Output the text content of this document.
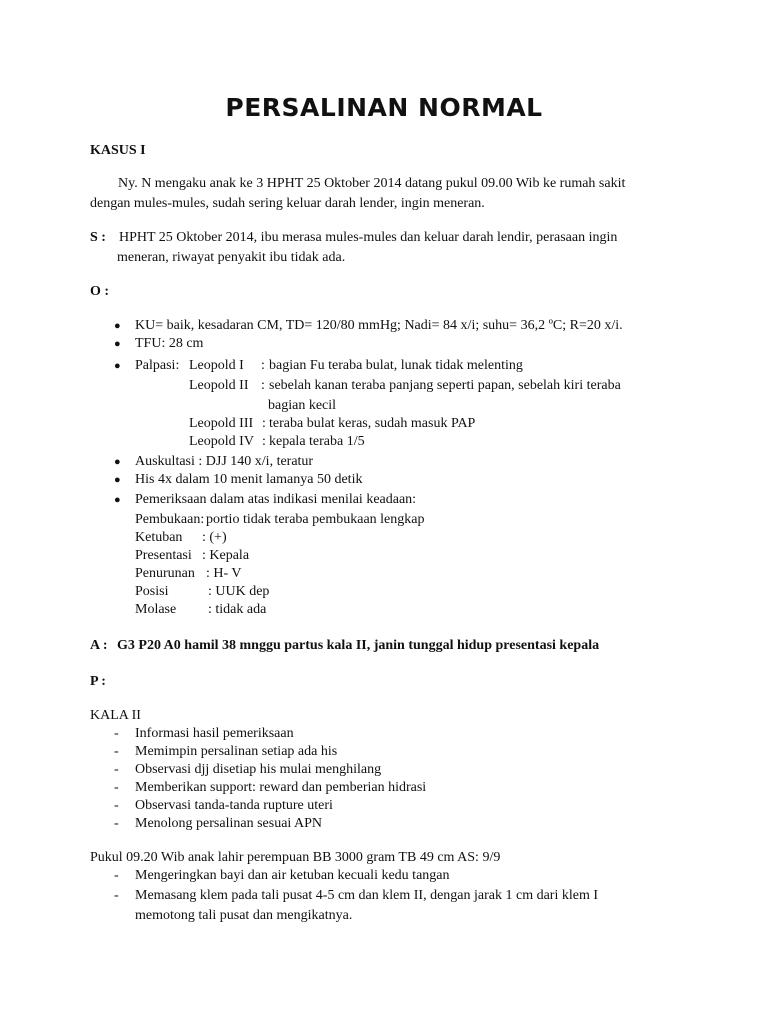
PERSALINAN NORMAL
KASUS I
Ny. N mengaku anak ke 3 HPHT 25 Oktober 2014 datang pukul 09.00 Wib ke rumah sakit
dengan mules-mules, sudah sering keluar darah lender, ingin meneran.
S : HPHT 25 Oktober 2014, ibu merasa mules-mules dan keluar darah lendir, perasaan ingin
meneran, riwayat penyakit ibu tidak ada.
O :
● KU= baik, kesadaran CM, TD= 120/80 mmHg; Nadi= 84 x/i; suhu= 36,2 ºC; R=20 x/i.
● TFU: 28 cm
● Palpasi: Leopold I : bagian Fu teraba bulat, lunak tidak melenting
Leopold II : sebelah kanan teraba panjang seperti papan, sebelah kiri teraba
bagian kecil
Leopold III : teraba bulat keras, sudah masuk PAP
Leopold IV : kepala teraba 1/5
● Auskultasi : DJJ 140 x/i, teratur
● His 4x dalam 10 menit lamanya 50 detik
● Pemeriksaan dalam atas indikasi menilai keadaan:
Pembukaan: portio tidak teraba pembukaan lengkap
Ketuban : (+)
Presentasi : Kepala
Penurunan : H- V
Posisi	: UUK dep
Molase : tidak ada
A : G3 P20 A0 hamil 38 mnggu partus kala II, janin tunggal hidup presentasi kepala
P :
KALA II
- Informasi hasil pemeriksaan
- Memimpin persalinan setiap ada his
- Observasi djj disetiap his mulai menghilang
- Memberikan support: reward dan pemberian hidrasi
- Observasi tanda-tanda rupture uteri
- Menolong persalinan sesuai APN
Pukul 09.20 Wib anak lahir perempuan BB 3000 gram TB 49 cm AS: 9/9
- Mengeringkan bayi dan air ketuban kecuali kedu tangan
- Memasang klem pada tali pusat 4-5 cm dan klem II, dengan jarak 1 cm dari klem I
memotong tali pusat dan mengikatnya.
